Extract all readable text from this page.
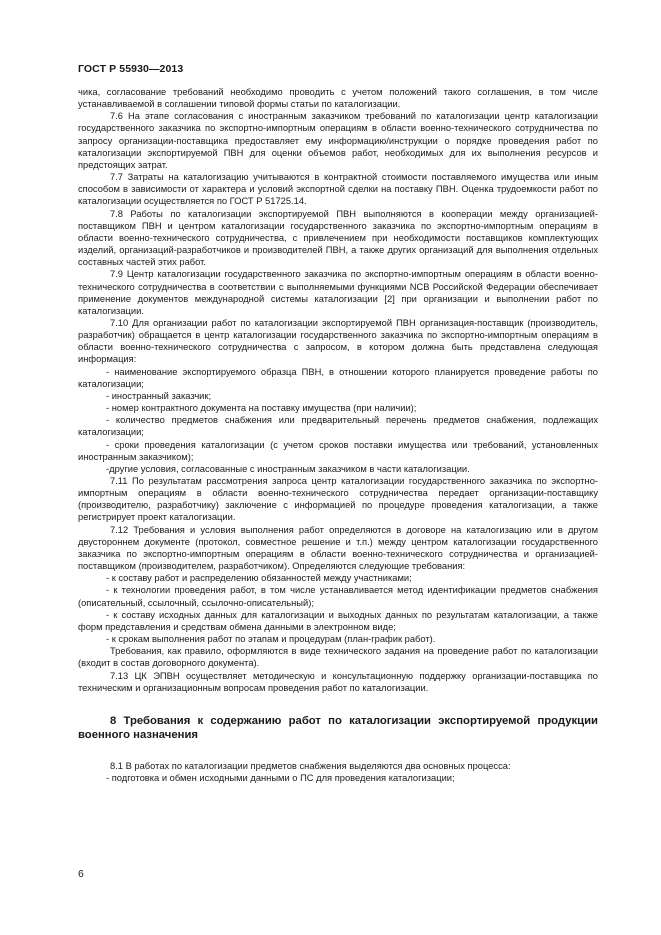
ГОСТ Р 55930—2013

чика, согласование требований необходимо проводить с учетом положений такого соглашения, в том числе устанавливаемой в соглашении типовой формы статьи по каталогизации.

7.6 На этапе согласования с иностранным заказчиком требований по каталогизации центр каталогизации государственного заказчика по экспортно-импортным операциям в области военно-технического сотрудничества по запросу организации-поставщика предоставляет ему информацию/инструкции о порядке проведения работ по каталогизации экспортируемой ПВН для оценки объемов работ, необходимых для их выполнения ресурсов и предстоящих затрат.

7.7 Затраты на каталогизацию учитываются в контрактной стоимости поставляемого имущества или иным способом в зависимости от характера и условий экспортной сделки на поставку ПВН. Оценка трудоемкости работ по каталогизации осуществляется по ГОСТ Р 51725.14.

7.8 Работы по каталогизации экспортируемой ПВН выполняются в кооперации между организацией-поставщиком ПВН и центром каталогизации государственного заказчика по экспортно-импортным операциям в области военно-технического сотрудничества, с привлечением при необходимости поставщиков комплектующих изделий, организаций-разработчиков и производителей ПВН, а также других организаций для выполнения отдельных составных частей этих работ.

7.9 Центр каталогизации государственного заказчика по экспортно-импортным операциям в области военно-технического сотрудничества в соответствии с выполняемыми функциями NCB Российской Федерации обеспечивает применение документов международной системы каталогизации [2] при организации и выполнении работ по каталогизации.

7.10 Для организации работ по каталогизации экспортируемой ПВН организация-поставщик (производитель, разработчик) обращается в центр каталогизации государственного заказчика по экспортно-импортным операциям в области военно-технического сотрудничества с запросом, в котором должна быть представлена следующая информация:

- наименование экспортируемого образца ПВН, в отношении которого планируется проведение работы по каталогизации;

- иностранный заказчик;

- номер контрактного документа на поставку имущества (при наличии);

- количество предметов снабжения или предварительный перечень предметов снабжения, подлежащих каталогизации;

- сроки проведения каталогизации (с учетом сроков поставки имущества или требований, установленных иностранным заказчиком);

-другие условия, согласованные с иностранным заказчиком в части каталогизации.

7.11 По результатам рассмотрения запроса центр каталогизации государственного заказчика по экспортно-импортным операциям в области военно-технического сотрудничества передает организации-поставщику (производителю, разработчику) заключение с информацией по процедуре проведения каталогизации, а также регистрирует проект каталогизации.

7.12 Требования и условия выполнения работ определяются в договоре на каталогизацию или в другом двустороннем документе (протокол, совместное решение и т.п.) между центром каталогизации государственного заказчика по экспортно-импортным операциям в области военно-технического сотрудничества и организацией-поставщиком (производителем, разработчиком). Определяются следующие требования:

- к составу работ и распределению обязанностей между участниками;

- к технологии проведения работ, в том числе устанавливается метод идентификации предметов снабжения (описательный, ссылочный, ссылочно-описательный);

- к составу исходных данных для каталогизации и выходных данных по результатам каталогизации, а также форм представления и средствам обмена данными в электронном виде;

- к срокам выполнения работ по этапам и процедурам (план-график работ).

Требования, как правило, оформляются в виде технического задания на проведение работ по каталогизации (входит в состав договорного документа).

7.13 ЦК ЭПВН осуществляет методическую и консультационную поддержку организации-поставщика по техническим и организационным вопросам проведения работ по каталогизации.

8 Требования к содержанию работ по каталогизации экспортируемой продукции военного назначения

8.1 В работах по каталогизации предметов снабжения выделяются два основных процесса:

- подготовка и обмен исходными данными о ПС для проведения каталогизации;

6
